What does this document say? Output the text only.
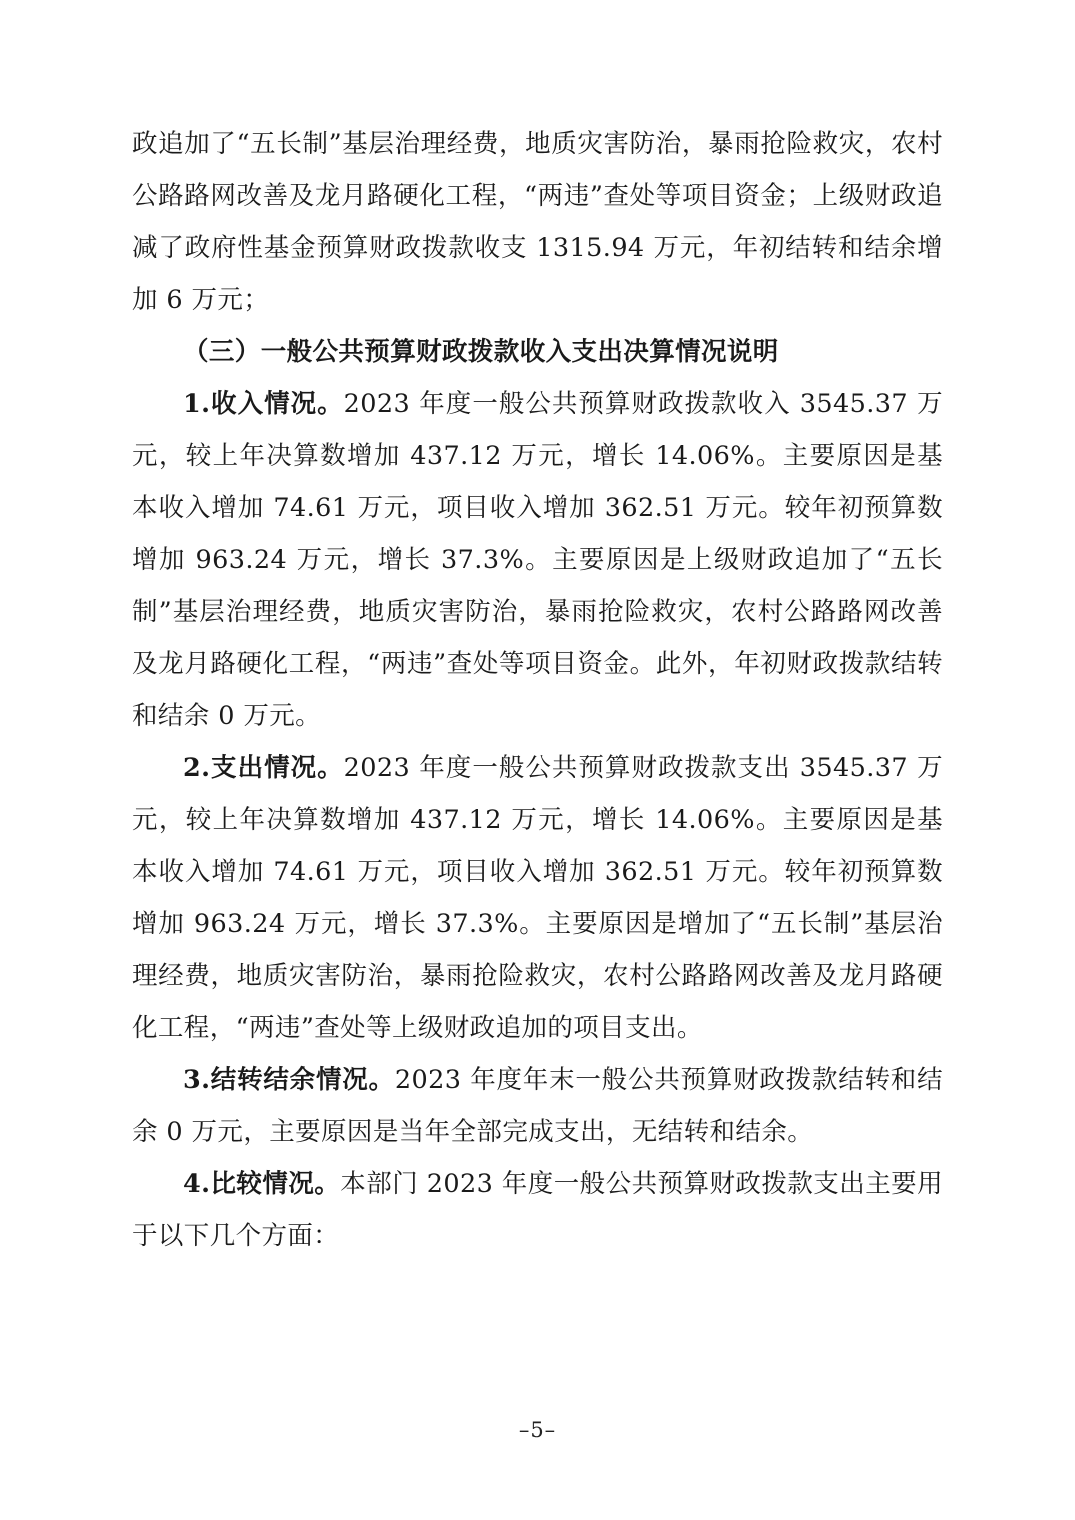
政追加了“五长制”基层治理经费，地质灾害防治，暴雨抢险救灾，农村公路路网改善及龙月路硬化工程，“两违”查处等项目资金；上级财政追减了政府性基金预算财政拨款收支 1315.94 万元，年初结转和结余增加 6 万元；

（三）一般公共预算财政拨款收入支出决算情况说明

1.收入情况。2023 年度一般公共预算财政拨款收入 3545.37 万元，较上年决算数增加 437.12 万元，增长 14.06%。主要原因是基本收入增加 74.61 万元，项目收入增加 362.51 万元。较年初预算数增加 963.24 万元，增长 37.3%。主要原因是上级财政追加了“五长制”基层治理经费，地质灾害防治，暴雨抢险救灾，农村公路路网改善及龙月路硬化工程，“两违”查处等项目资金。此外，年初财政拨款结转和结余 0 万元。

2.支出情况。2023 年度一般公共预算财政拨款支出 3545.37 万元，较上年决算数增加 437.12 万元，增长 14.06%。主要原因是基本收入增加 74.61 万元，项目收入增加 362.51 万元。较年初预算数增加 963.24 万元，增长 37.3%。主要原因是增加了“五长制”基层治理经费，地质灾害防治，暴雨抢险救灾，农村公路路网改善及龙月路硬化工程，“两违”查处等上级财政追加的项目支出。

3.结转结余情况。2023 年度年末一般公共预算财政拨款结转和结余 0 万元，主要原因是当年全部完成支出，无结转和结余。

4.比较情况。本部门 2023 年度一般公共预算财政拨款支出主要用于以下几个方面：

–5–
